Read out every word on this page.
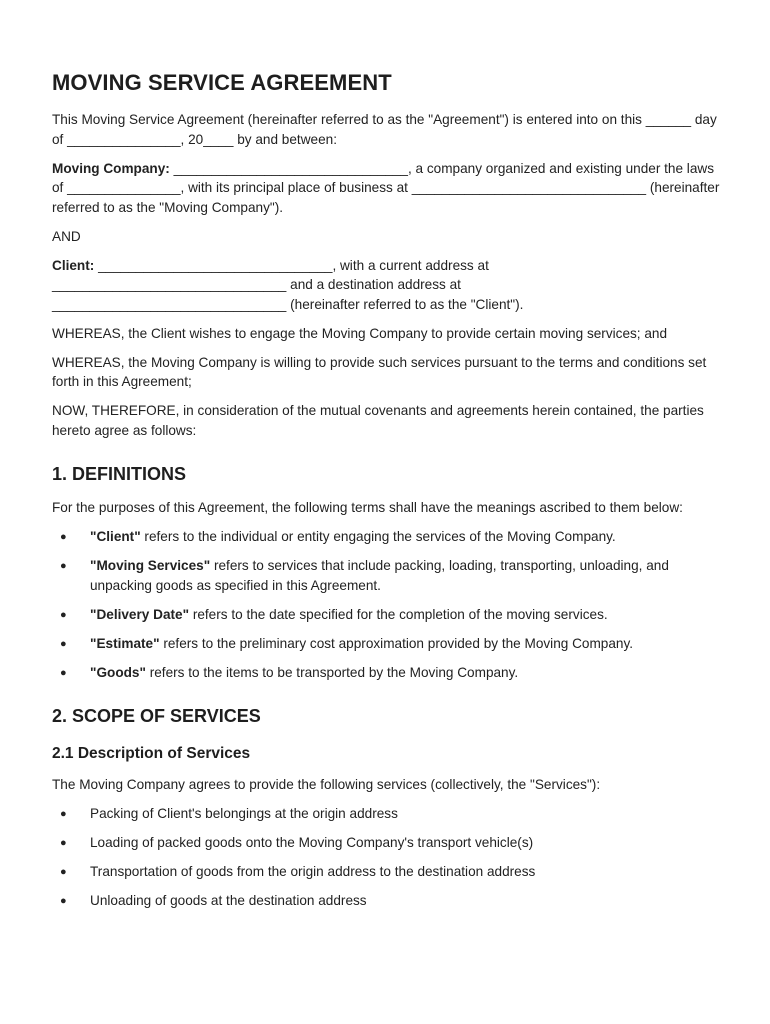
MOVING SERVICE AGREEMENT

This Moving Service Agreement (hereinafter referred to as the "Agreement") is entered into on this ______ day of _______________, 20____ by and between:

Moving Company: _______________________________, a company organized and existing under the laws of _______________, with its principal place of business at _______________________________ (hereinafter referred to as the "Moving Company").

AND

Client: _______________________________, with a current address at
_______________________________ and a destination address at
_______________________________ (hereinafter referred to as the "Client").

WHEREAS, the Client wishes to engage the Moving Company to provide certain moving services; and

WHEREAS, the Moving Company is willing to provide such services pursuant to the terms and conditions set forth in this Agreement;

NOW, THEREFORE, in consideration of the mutual covenants and agreements herein contained, the parties hereto agree as follows:

1. DEFINITIONS

For the purposes of this Agreement, the following terms shall have the meanings ascribed to them below:

● "Client" refers to the individual or entity engaging the services of the Moving Company.
● "Moving Services" refers to services that include packing, loading, transporting, unloading, and unpacking goods as specified in this Agreement.
● "Delivery Date" refers to the date specified for the completion of the moving services.
● "Estimate" refers to the preliminary cost approximation provided by the Moving Company.
● "Goods" refers to the items to be transported by the Moving Company.
2. SCOPE OF SERVICES
2.1 Description of Services

The Moving Company agrees to provide the following services (collectively, the "Services"):

● Packing of Client's belongings at the origin address
● Loading of packed goods onto the Moving Company's transport vehicle(s)
● Transportation of goods from the origin address to the destination address
● Unloading of goods at the destination address
